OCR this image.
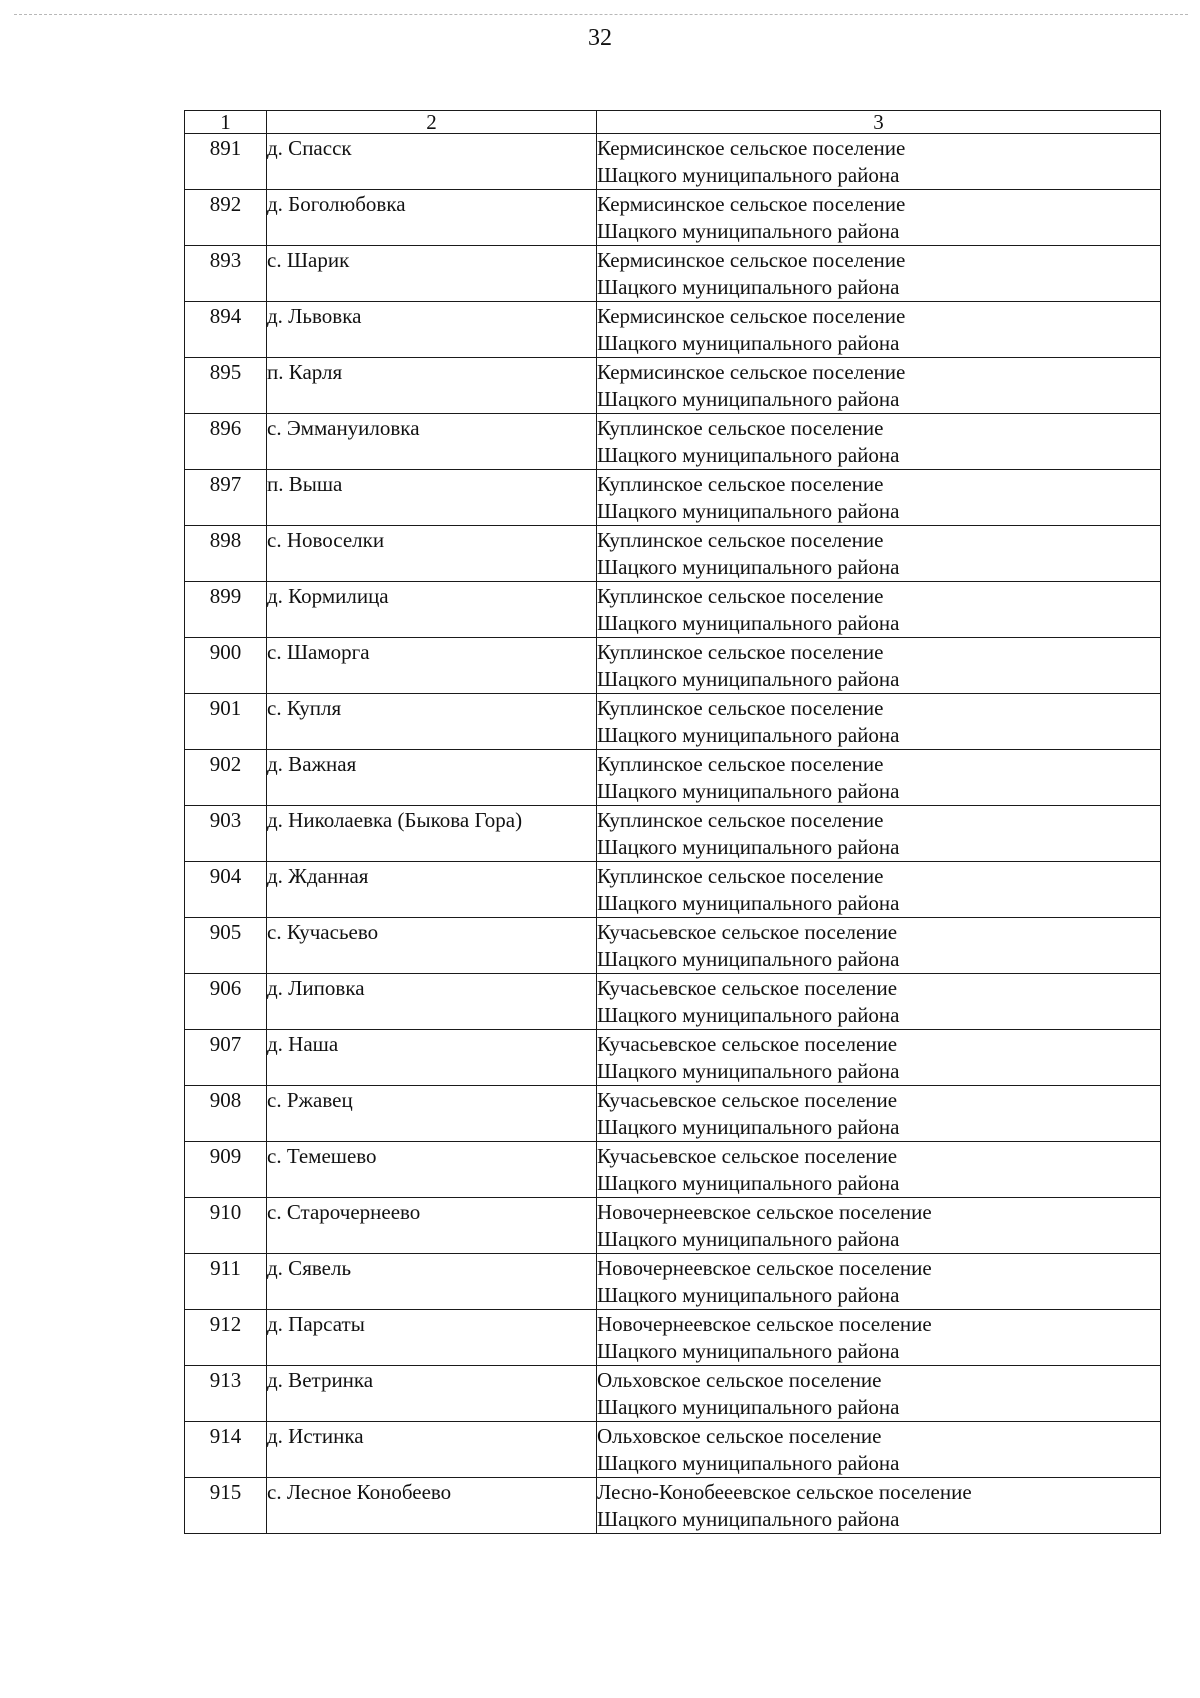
32
1	2	3
891	д. Спасск	Кермисинское сельское поселение
Шацкого муниципального района

892	д. Боголюбовка	Кермисинское сельское поселение
Шацкого муниципального района

893	с. Шарик	Кермисинское сельское поселение
Шацкого муниципального района

894	д. Львовка	Кермисинское сельское поселение
Шацкого муниципального района

895	п. Карля	Кермисинское сельское поселение
Шацкого муниципального района

896	с. Эммануиловка	Куплинское сельское поселение
Шацкого муниципального района

897	п. Выша	Куплинское сельское поселение
Шацкого муниципального района

898	с. Новоселки	Куплинское сельское поселение
Шацкого муниципального района

899	д. Кормилица	Куплинское сельское поселение
Шацкого муниципального района

900	с. Шаморга	Куплинское сельское поселение
Шацкого муниципального района

901	с. Купля	Куплинское сельское поселение
Шацкого муниципального района

902	д. Важная	Куплинское сельское поселение
Шацкого муниципального района

903	д. Николаевка (Быкова Гора)	Куплинское сельское поселение
Шацкого муниципального района

904	д. Жданная	Куплинское сельское поселение
Шацкого муниципального района

905	с. Кучасьево	Кучасьевское сельское поселение
Шацкого муниципального района

906	д. Липовка	Кучасьевское сельское поселение
Шацкого муниципального района

907	д. Наша	Кучасьевское сельское поселение
Шацкого муниципального района

908	с. Ржавец	Кучасьевское сельское поселение
Шацкого муниципального района

909	с. Темешево	Кучасьевское сельское поселение
Шацкого муниципального района

910	с. Старочернеево	Новочернеевское сельское поселение
Шацкого муниципального района

911	д. Сявель	Новочернеевское сельское поселение
Шацкого муниципального района

912	д. Парсаты	Новочернеевское сельское поселение
Шацкого муниципального района

913	д. Ветринка	Ольховское сельское поселение
Шацкого муниципального района

914	д. Истинка	Ольховское сельское поселение
Шацкого муниципального района

915	с. Лесное Конобеево	Лесно-Конобееевское сельское поселение
Шацкого муниципального района
